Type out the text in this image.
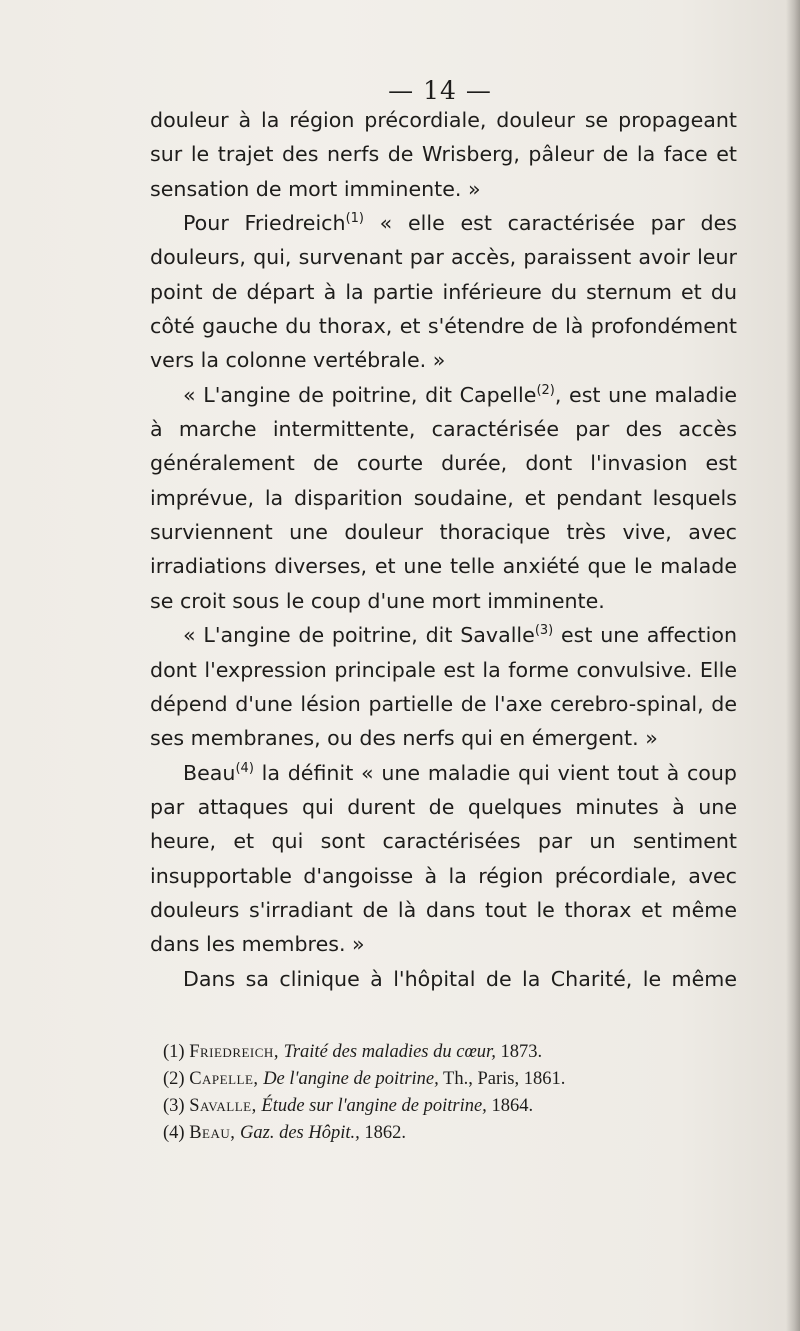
— 14 —

douleur à la région précordiale, douleur se propageant sur le trajet des nerfs de Wrisberg, pâleur de la face et sensation de mort imminente. »

Pour Friedreich$^{(1)}$ « elle est caractérisée par des douleurs, qui, survenant par accès, paraissent avoir leur point de départ à la partie inférieure du sternum et du côté gauche du thorax, et s'étendre de là profondément vers la colonne vertébrale. »

« L'angine de poitrine, dit Capelle$^{(2)}$, est une maladie à marche intermittente, caractérisée par des accès généralement de courte durée, dont l'invasion est imprévue, la disparition soudaine, et pendant lesquels surviennent une douleur thoracique très vive, avec irradiations diverses, et une telle anxiété que le malade se croit sous le coup d'une mort imminente.

« L'angine de poitrine, dit Savalle$^{(3)}$ est une affection dont l'expression principale est la forme convulsive. Elle dépend d'une lésion partielle de l'axe cerebro-spinal, de ses membranes, ou des nerfs qui en émergent. »

Beau$^{(4)}$ la définit « une maladie qui vient tout à coup par attaques qui durent de quelques minutes à une heure, et qui sont caractérisées par un sentiment insupportable d'angoisse à la région précordiale, avec douleurs s'irradiant de là dans tout le thorax et même dans les membres. »

Dans sa clinique à l'hôpital de la Charité, le même

(1) Friedreich, Traité des maladies du cœur, 1873.
(2) Capelle, De l'angine de poitrine, Th., Paris, 1861.
(3) Savalle, Étude sur l'angine de poitrine, 1864.
(4) Beau, Gaz. des Hôpit., 1862.
